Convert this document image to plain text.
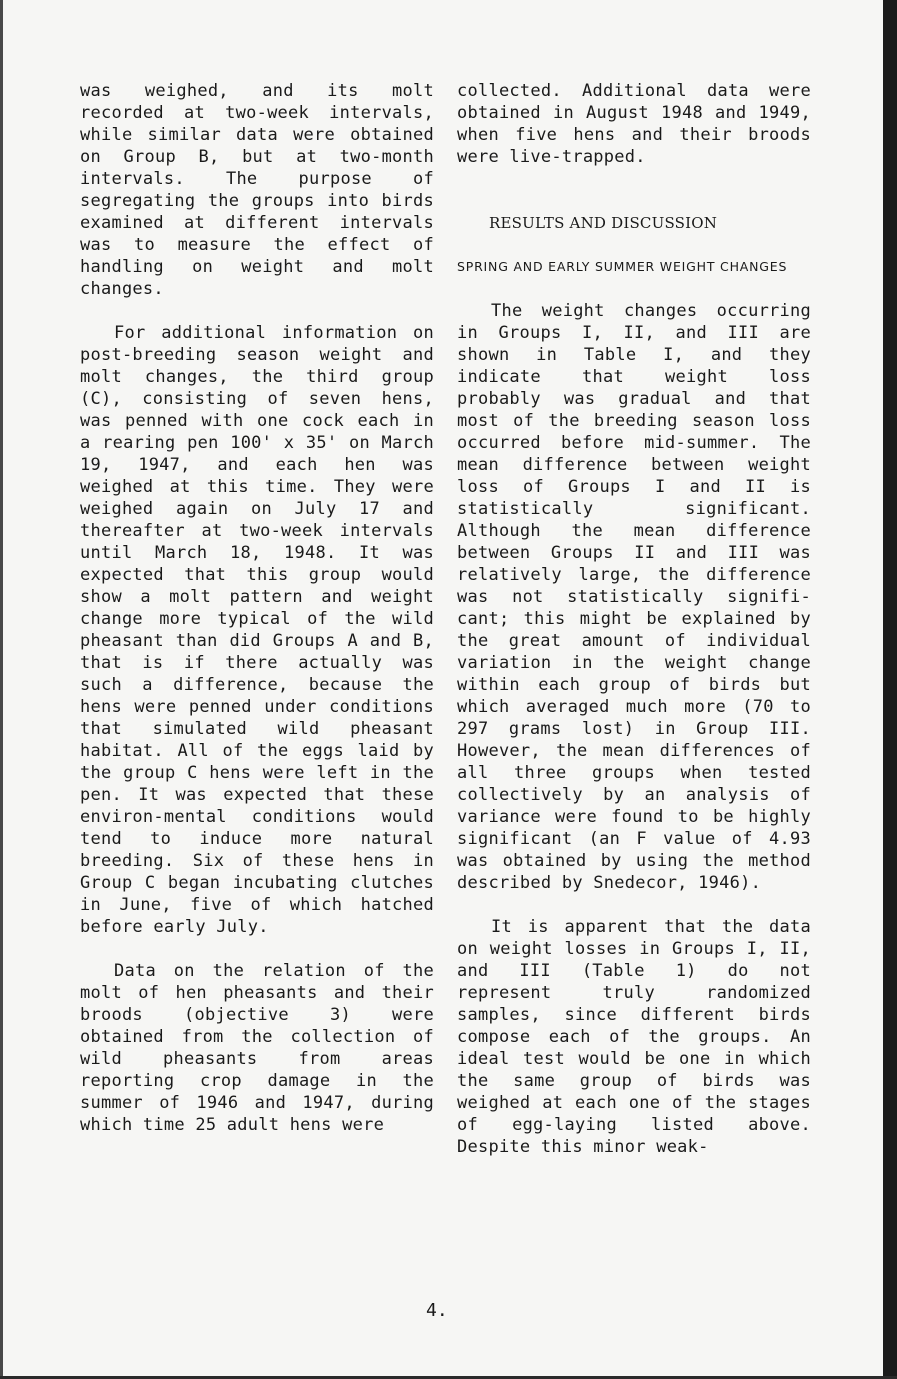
was weighed, and its molt recorded at two-week intervals, while similar data were obtained on Group B, but at two-month intervals. The purpose of segregating the groups into birds examined at different intervals was to measure the effect of handling on weight and molt changes.

For additional information on post-breeding season weight and molt changes, the third group (C), consisting of seven hens, was penned with one cock each in a rearing pen 100' x 35' on March 19, 1947, and each hen was weighed at this time. They were weighed again on July 17 and thereafter at two-week intervals until March 18, 1948. It was expected that this group would show a molt pattern and weight change more typical of the wild pheasant than did Groups A and B, that is if there actually was such a difference, because the hens were penned under conditions that simulated wild pheasant habitat. All of the eggs laid by the group C hens were left in the pen. It was expected that these environ-mental conditions would tend to induce more natural breeding. Six of these hens in Group C began incubating clutches in June, five of which hatched before early July.

Data on the relation of the molt of hen pheasants and their broods (objective 3) were obtained from the collection of wild pheasants from areas reporting crop damage in the summer of 1946 and 1947, during which time 25 adult hens were

collected. Additional data were obtained in August 1948 and 1949, when five hens and their broods were live-trapped.

RESULTS AND DISCUSSION

SPRING AND EARLY SUMMER WEIGHT CHANGES

The weight changes occurring in Groups I, II, and III are shown in Table I, and they indicate that weight loss probably was gradual and that most of the breeding season loss occurred before mid-summer. The mean difference between weight loss of Groups I and II is statistically significant. Although the mean difference between Groups II and III was relatively large, the difference was not statistically signifi-cant; this might be explained by the great amount of individual variation in the weight change within each group of birds but which averaged much more (70 to 297 grams lost) in Group III. However, the mean differences of all three groups when tested collectively by an analysis of variance were found to be highly significant (an F value of 4.93 was obtained by using the method described by Snedecor, 1946).

It is apparent that the data on weight losses in Groups I, II, and III (Table 1) do not represent truly randomized samples, since different birds compose each of the groups. An ideal test would be one in which the same group of birds was weighed at each one of the stages of egg-laying listed above. Despite this minor weak-

4.
